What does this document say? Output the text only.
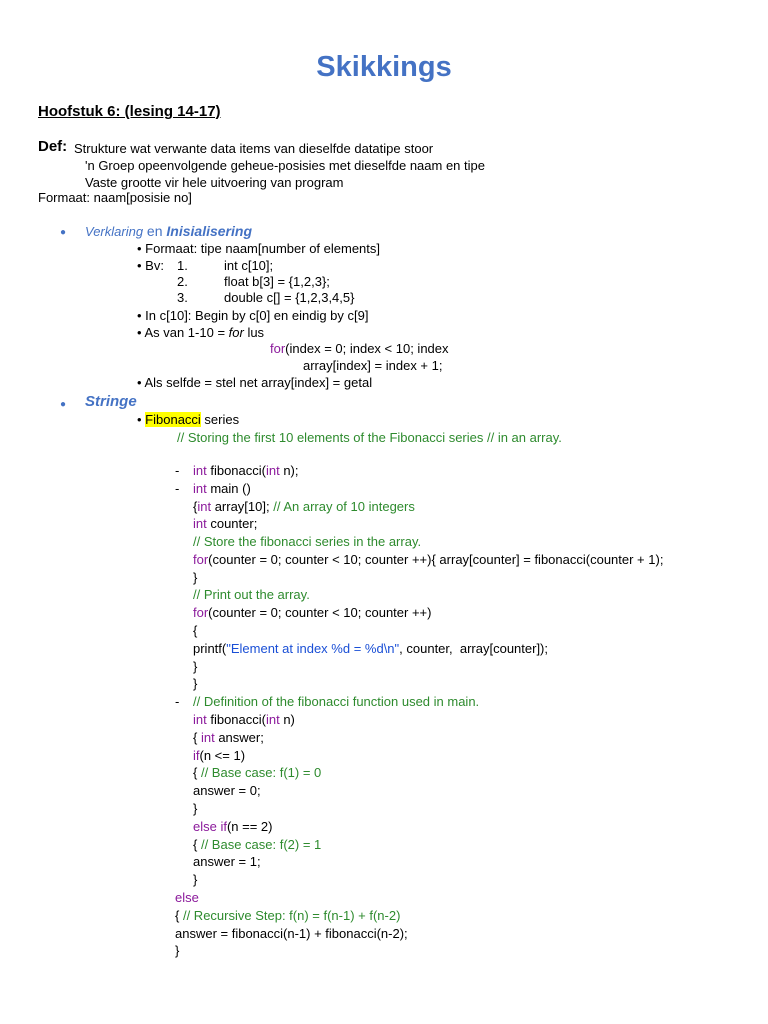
Skikkings
Hoofstuk 6: (lesing 14-17)
Def: Strukture wat verwante data items van dieselfde datatipe stoor
'n Groep opeenvolgende geheue-posisies met dieselfde naam en tipe
Vaste grootte vir hele uitvoering van program
Formaat: naam[posisie no]
● Verklaring en Inisialisering
• Formaat: tipe naam[number of elements]
• Bv: 1.	int c[10];
2.	float b[3] = {1,2,3};
3.	double c[] = {1,2,3,4,5}
• In c[10]: Begin by c[0] en eindig by c[9]
• As van 1-10 = for lus
for(index = 0; index < 10; index
array[index] = index + 1;
• Als selfde = stel net array[index] = getal
● Stringe
• Fibonacci series
// Storing the first 10 elements of the Fibonacci series // in an array.
- int fibonacci(int n);
- int main ()
{int array[10]; // An array of 10 integers
int counter;
// Store the fibonacci series in the array.
for(counter = 0; counter < 10; counter ++){ array[counter] = fibonacci(counter + 1);
}
// Print out the array.
for(counter = 0; counter < 10; counter ++)
{
printf("Element at index %d = %d\n", counter,  array[counter]);
}
}
- // Definition of the fibonacci function used in main.
int fibonacci(int n)
{ int answer;
if(n <= 1)
{ // Base case: f(1) = 0
answer = 0;
}
else if(n == 2)
{ // Base case: f(2) = 1
answer = 1;
}
else
{ // Recursive Step: f(n) = f(n-1) + f(n-2)
answer = fibonacci(n-1) + fibonacci(n-2);
}
